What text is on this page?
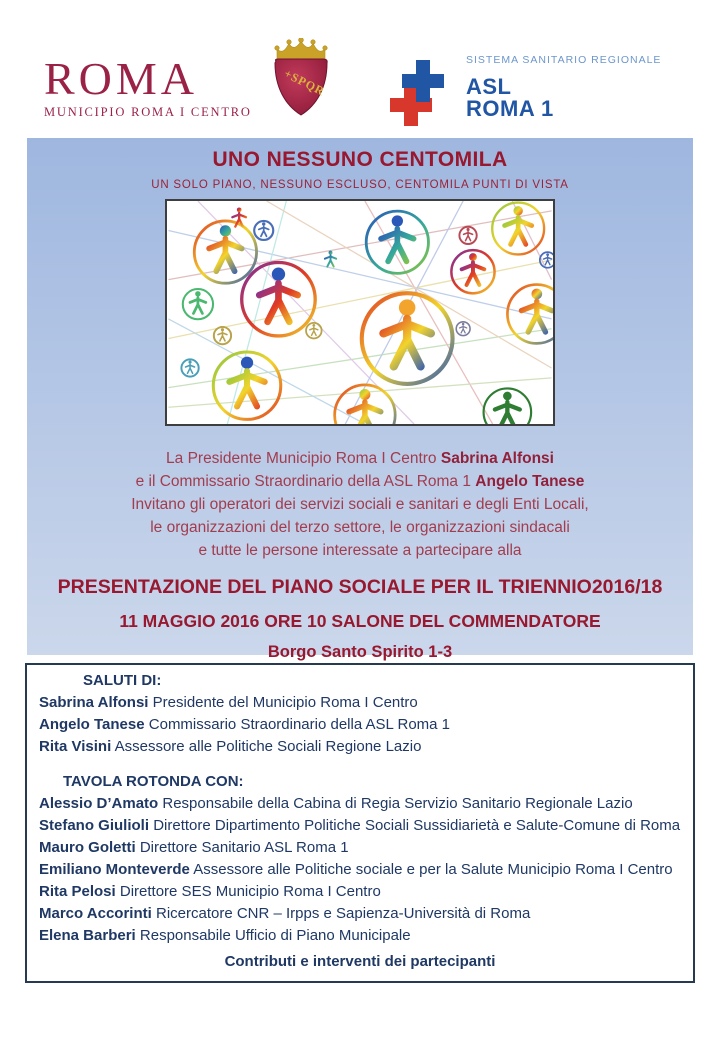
ROMA
MUNICIPIO ROMA I CENTRO
+SPQR
SISTEMA SANITARIO REGIONALE
ASL
ROMA 1
UNO NESSUNO CENTOMILA
UN SOLO PIANO, NESSUNO ESCLUSO, CENTOMILA PUNTI DI VISTA
La Presidente Municipio Roma I Centro Sabrina Alfonsi
e il Commissario Straordinario della ASL Roma 1 Angelo Tanese
Invitano gli operatori dei servizi sociali e sanitari e degli Enti Locali,
le organizzazioni del terzo settore, le organizzazioni sindacali
e tutte le persone interessate a partecipare alla
PRESENTAZIONE DEL PIANO SOCIALE PER IL TRIENNIO2016/18
11 MAGGIO 2016 ORE 10 SALONE DEL COMMENDATORE
Borgo Santo Spirito 1-3
SALUTI DI:
Sabrina Alfonsi Presidente del Municipio Roma I Centro
Angelo Tanese Commissario Straordinario della ASL Roma 1
Rita Visini Assessore alle Politiche Sociali Regione Lazio
TAVOLA ROTONDA CON:
Alessio D’Amato Responsabile della Cabina di Regia Servizio Sanitario Regionale Lazio
Stefano Giulioli Direttore Dipartimento Politiche Sociali Sussidiarietà e Salute-Comune di Roma
Mauro Goletti Direttore Sanitario ASL Roma 1
Emiliano Monteverde Assessore alle Politiche sociale e per la Salute Municipio Roma I Centro
Rita Pelosi Direttore SES Municipio Roma I Centro
Marco Accorinti Ricercatore CNR – Irpps e Sapienza-Università di Roma
Elena Barberi Responsabile Ufficio di Piano Municipale
Contributi e interventi dei partecipanti
